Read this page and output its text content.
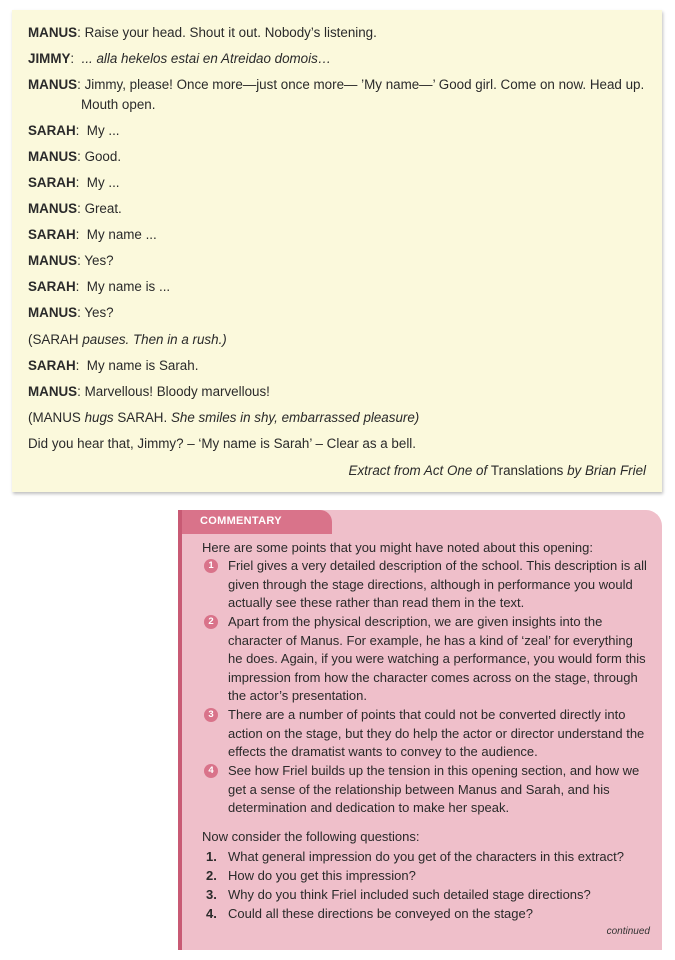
MANUS: Raise your head. Shout it out. Nobody’s listening.
JIMMY:  ... alla hekelos estai en Atreidao domois…
MANUS: Jimmy, please! Once more—just once more— ’My name—’ Good girl. Come on now. Head up. Mouth open.
SARAH:  My ...
MANUS: Good.
SARAH:  My ...
MANUS: Great.
SARAH:  My name ...
MANUS: Yes?
SARAH:  My name is ...
MANUS: Yes?
(SARAH pauses. Then in a rush.)
SARAH:  My name is Sarah.
MANUS: Marvellous! Bloody marvellous!
(MANUS hugs SARAH. She smiles in shy, embarrassed pleasure)
Did you hear that, Jimmy? – ‘My name is Sarah’ – Clear as a bell.
Extract from Act One of Translations by Brian Friel
COMMENTARY
Here are some points that you might have noted about this opening:
1	Friel gives a very detailed description of the school. This description is all given through the stage directions, although in performance you would actually see these rather than read them in the text.
2	Apart from the physical description, we are given insights into the character of Manus. For example, he has a kind of ‘zeal’ for everything he does. Again, if you were watching a performance, you would form this impression from how the character comes across on the stage, through the actor’s presentation.
3	There are a number of points that could not be converted directly into action on the stage, but they do help the actor or director understand the effects the dramatist wants to convey to the audience.
4	See how Friel builds up the tension in this opening section, and how we get a sense of the relationship between Manus and Sarah, and his determination and dedication to make her speak.
Now consider the following questions:
1. What general impression do you get of the characters in this extract?
2. How do you get this impression?
3. Why do you think Friel included such detailed stage directions?
4. Could all these directions be conveyed on the stage?
continued
